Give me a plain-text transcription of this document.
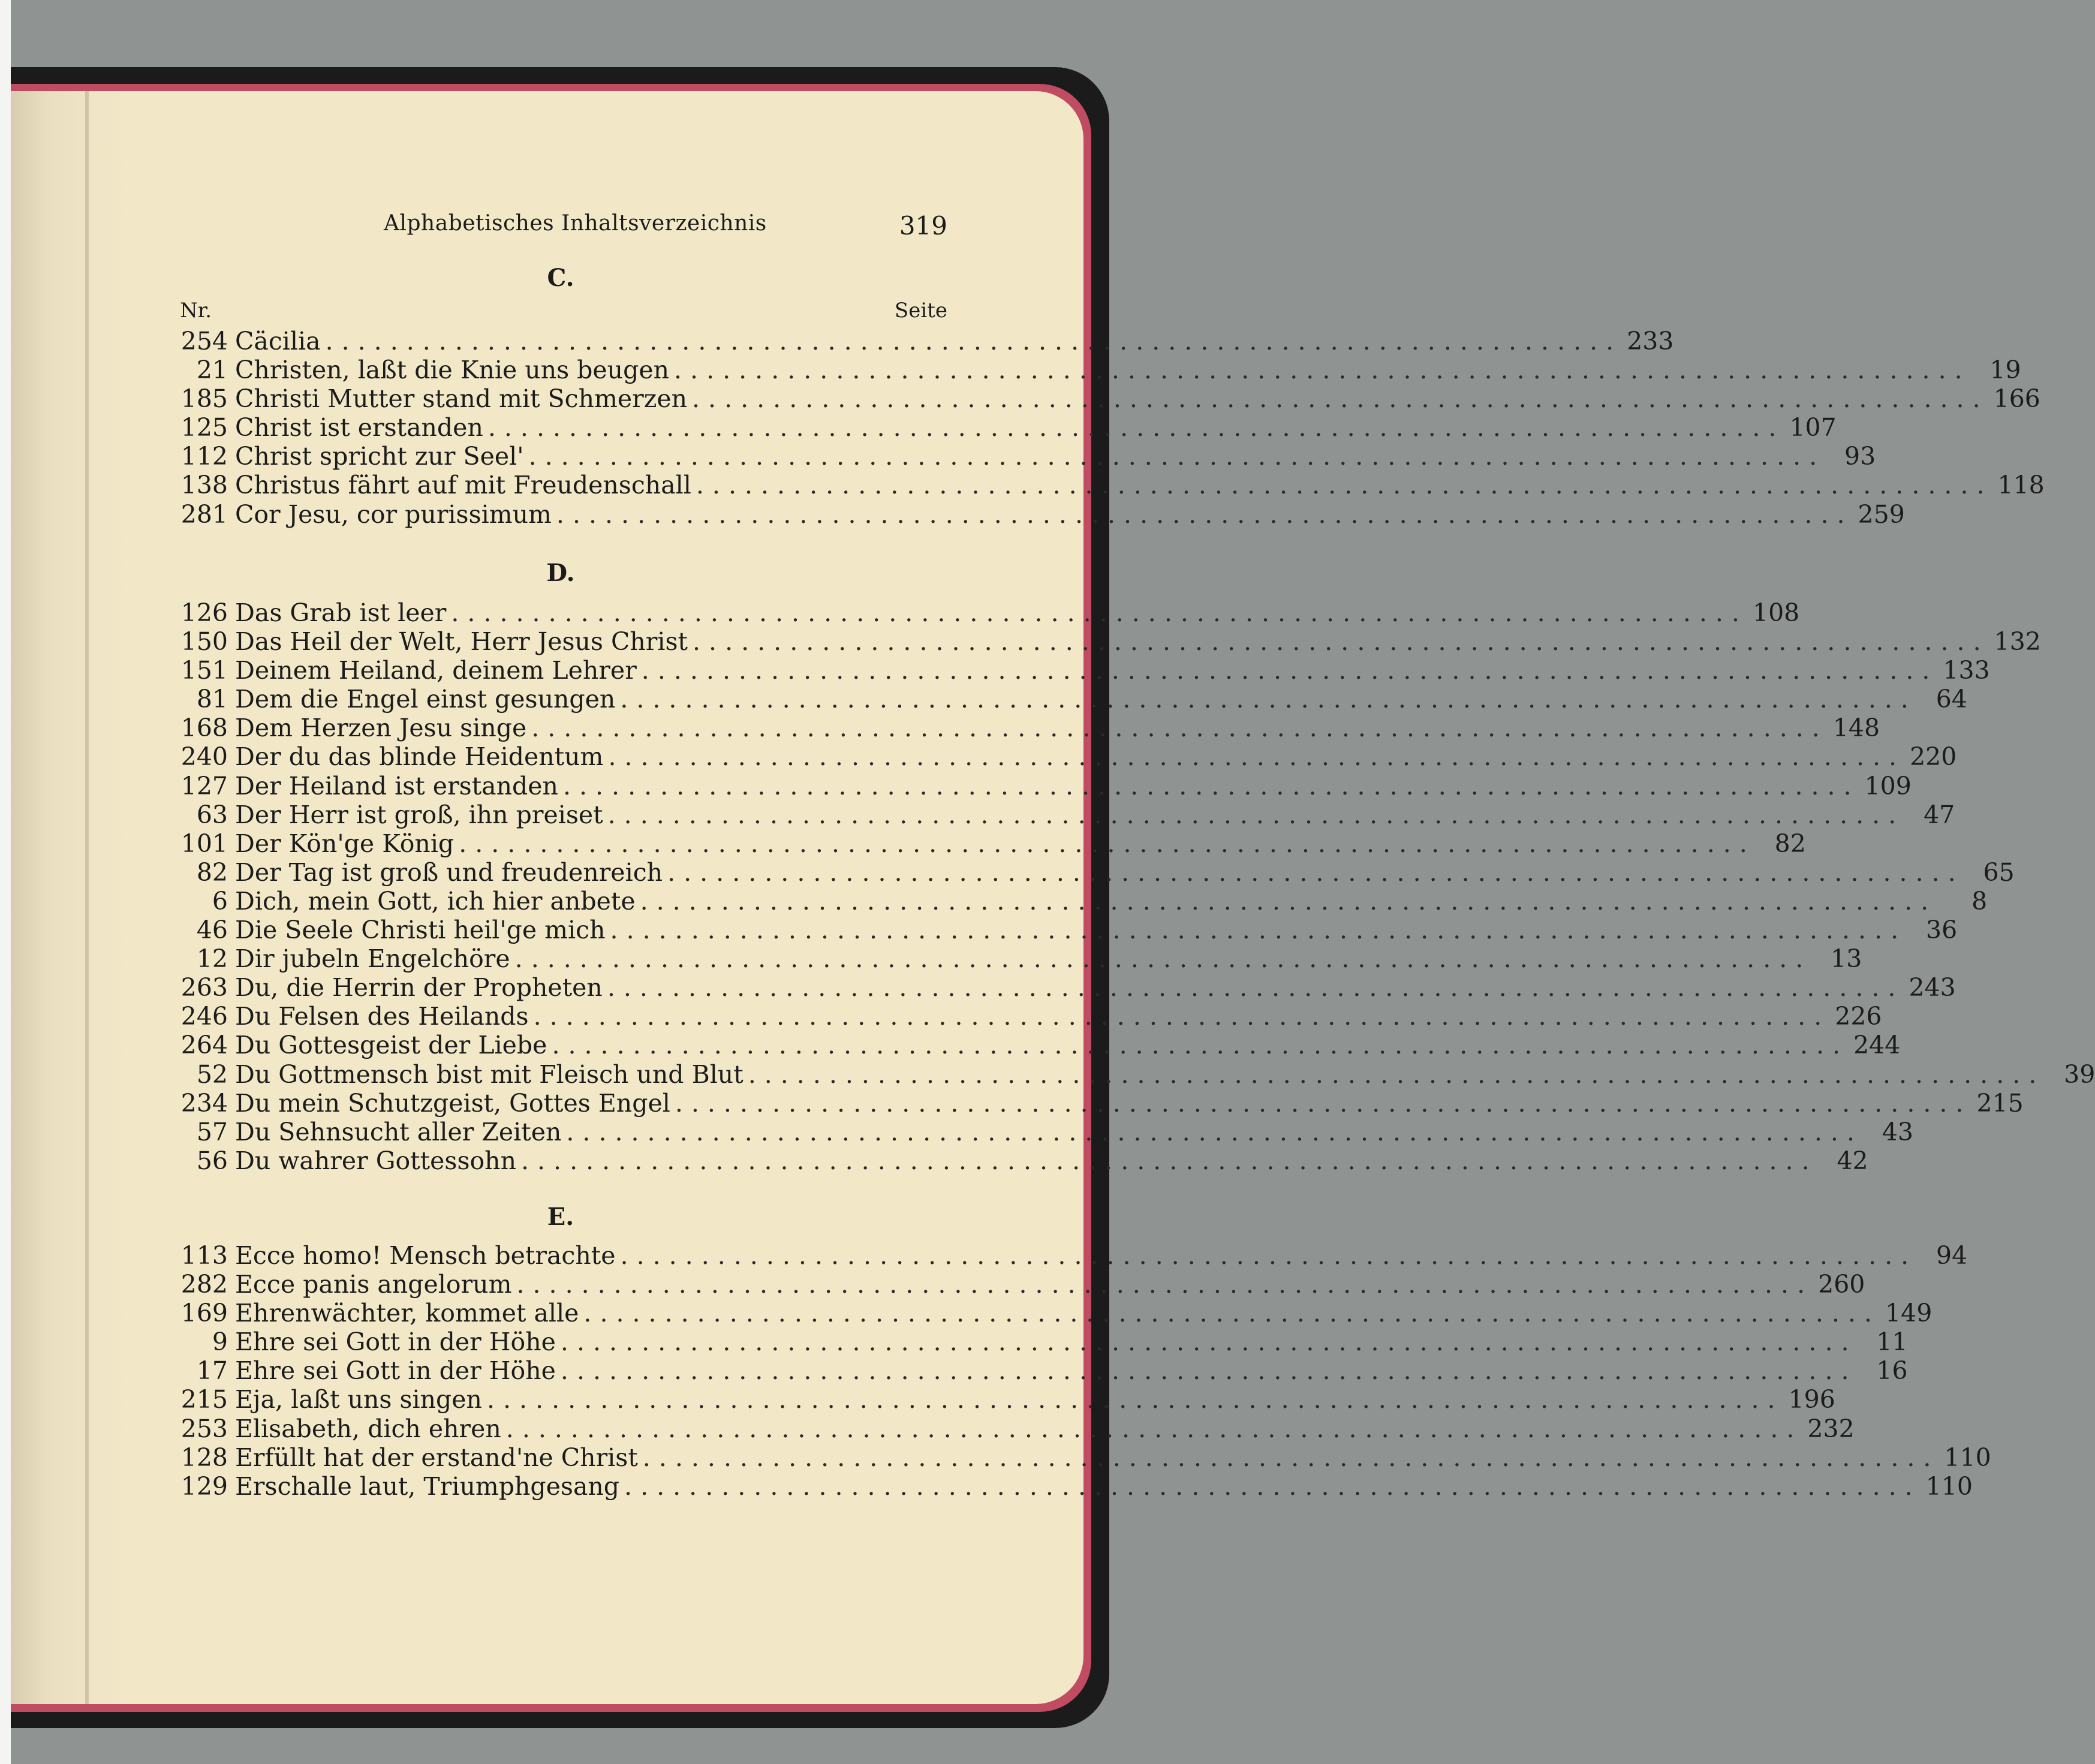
Alphabetisches Inhaltsverzeichnis	319
C.
Nr.	Seite
254 Cäcilia ................................................................................ 233
21 Christen, laßt die Knie uns beugen ................................................................................ 19
185 Christi Mutter stand mit Schmerzen ................................................................................ 166
125 Christ ist erstanden ................................................................................ 107
112 Christ spricht zur Seel' ................................................................................ 93
138 Christus fährt auf mit Freudenschall ................................................................................ 118
281 Cor Jesu, cor purissimum ................................................................................ 259
D.
126 Das Grab ist leer ................................................................................ 108
150 Das Heil der Welt, Herr Jesus Christ ................................................................................ 132
151 Deinem Heiland, deinem Lehrer ................................................................................ 133
81 Dem die Engel einst gesungen ................................................................................ 64
168 Dem Herzen Jesu singe ................................................................................ 148
240 Der du das blinde Heidentum ................................................................................ 220
127 Der Heiland ist erstanden ................................................................................ 109
63 Der Herr ist groß, ihn preiset ................................................................................ 47
101 Der Kön'ge König ................................................................................ 82
82 Der Tag ist groß und freudenreich ................................................................................ 65
6 Dich, mein Gott, ich hier anbete ................................................................................	8
46 Die Seele Christi heil'ge mich ................................................................................ 36
12 Dir jubeln Engelchöre ................................................................................ 13
263 Du, die Herrin der Propheten ................................................................................ 243
246 Du Felsen des Heilands ................................................................................ 226
264 Du Gottesgeist der Liebe ................................................................................ 244
52 Du Gottmensch bist mit Fleisch und Blut ................................................................................ 39
234 Du mein Schutzgeist, Gottes Engel ................................................................................ 215
57 Du Sehnsucht aller Zeiten ................................................................................ 43
56 Du wahrer Gottessohn ................................................................................ 42
E.
113 Ecce homo! Mensch betrachte ................................................................................ 94
282 Ecce panis angelorum ................................................................................ 260
169 Ehrenwächter, kommet alle ................................................................................ 149
9 Ehre sei Gott in der Höhe ................................................................................ 11
17 Ehre sei Gott in der Höhe ................................................................................ 16
215 Eja, laßt uns singen ................................................................................ 196
253 Elisabeth, dich ehren ................................................................................ 232
128 Erfüllt hat der erstand'ne Christ ................................................................................ 110
129 Erschalle laut, Triumphgesang ................................................................................ 110
